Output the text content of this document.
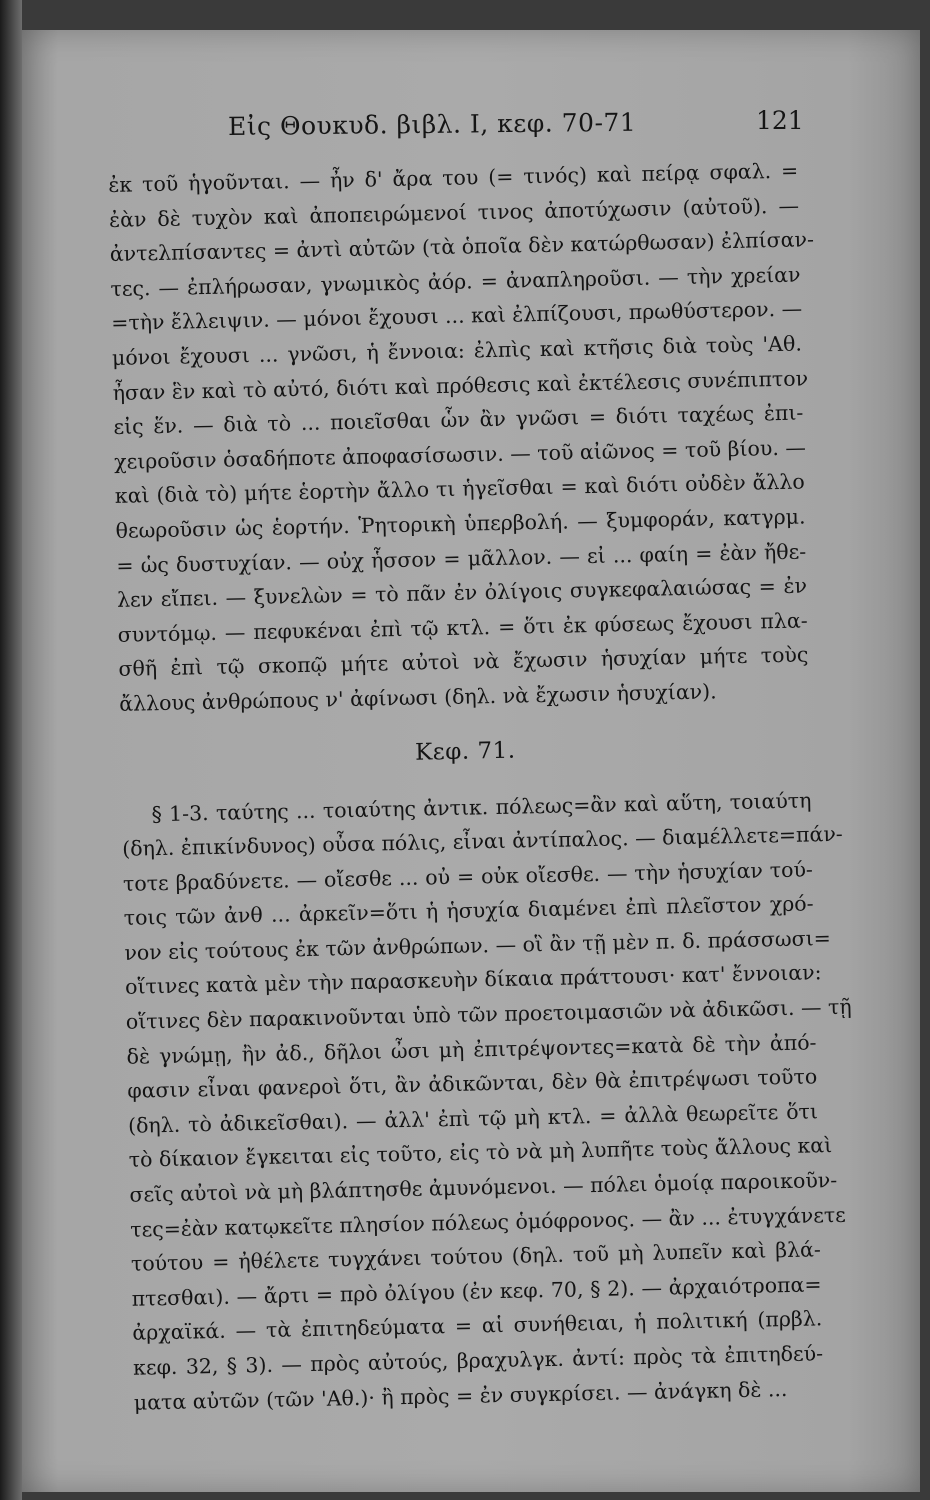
Εἰς Θουκυδ. βιβλ. I, κεφ. 70-71	121
ἐκ τοῦ ἡγοῦνται. — ἦν δ' ἄρα του (= τινός) καὶ πείρᾳ σφαλ. =
ἐὰν δὲ τυχὸν καὶ ἀποπειρώμενοί τινος ἀποτύχωσιν (αὐτοῦ). —
ἀντελπίσαντες = ἀντὶ αὐτῶν (τὰ ὁποῖα δὲν κατώρθωσαν) ἐλπίσαν-
τες. — ἐπλήρωσαν, γνωμικὸς ἀόρ. = ἀναπληροῦσι. — τὴν χρείαν
=τὴν ἔλλειψιν. — μόνοι ἔχουσι ... καὶ ἐλπίζουσι, πρωθύστερον. —
μόνοι ἔχουσι ... γνῶσι, ἡ ἔννοια: ἐλπὶς καὶ κτῆσις διὰ τοὺς 'Αθ.
ἦσαν ἓν καὶ τὸ αὐτό, διότι καὶ πρόθεσις καὶ ἐκτέλεσις συνέπιπτον
εἰς ἕν. — διὰ τὸ ... ποιεῖσθαι ὧν ἂν γνῶσι = διότι ταχέως ἐπι-
χειροῦσιν ὁσαδήποτε ἀποφασίσωσιν. — τοῦ αἰῶνος = τοῦ βίου. —
καὶ (διὰ τὸ) μήτε ἑορτὴν ἄλλο τι ἡγεῖσθαι = καὶ διότι οὐδὲν ἄλλο
θεωροῦσιν ὡς ἑορτήν. Ῥητορικὴ ὑπερβολή. — ξυμφοράν, κατγρμ.
= ὡς δυστυχίαν. — οὐχ ἧσσον = μᾶλλον. — εἰ ... φαίη = ἐὰν ἤθε-
λεν εἴπει. — ξυνελὼν = τὸ πᾶν ἐν ὀλίγοις συγκεφαλαιώσας = ἐν
συντόμῳ. — πεφυκέναι ἐπὶ τῷ κτλ. = ὅτι ἐκ φύσεως ἔχουσι πλα-
σθῆ ἐπὶ τῷ σκοπῷ μήτε αὐτοὶ νὰ ἔχωσιν ἡσυχίαν μήτε τοὺς
ἄλλους ἀνθρώπους ν' ἀφίνωσι (δηλ. νὰ ἔχωσιν ἡσυχίαν).
Κεφ. 71.
§ 1-3. ταύτης ... τοιαύτης ἀντικ. πόλεως=ἂν καὶ αὕτη, τοιαύτη
(δηλ. ἐπικίνδυνος) οὖσα πόλις, εἶναι ἀντίπαλος. — διαμέλλετε=πάν-
τοτε βραδύνετε. — οἴεσθε ... οὐ = οὐκ οἴεσθε. — τὴν ἡσυχίαν τού-
τοις τῶν ἀνθ ... ἀρκεῖν=ὅτι ἡ ἡσυχία διαμένει ἐπὶ πλεῖστον χρό-
νον εἰς τούτους ἐκ τῶν ἀνθρώπων. — οἳ ἂν τῇ μὲν π. δ. πράσσωσι=
οἵτινες κατὰ μὲν τὴν παρασκευὴν δίκαια πράττουσι· κατ' ἔννοιαν:
οἵτινες δὲν παρακινοῦνται ὑπὸ τῶν προετοιμασιῶν νὰ ἀδικῶσι. — τῇ
δὲ γνώμῃ, ἢν ἀδ., δῆλοι ὦσι μὴ ἐπιτρέψοντες=κατὰ δὲ τὴν ἀπό-
φασιν εἶναι φανεροὶ ὅτι, ἂν ἀδικῶνται, δὲν θὰ ἐπιτρέψωσι τοῦτο
(δηλ. τὸ ἀδικεῖσθαι). — ἀλλ' ἐπὶ τῷ μὴ κτλ. = ἀλλὰ θεωρεῖτε ὅτι
τὸ δίκαιον ἔγκειται εἰς τοῦτο, εἰς τὸ νὰ μὴ λυπῆτε τοὺς ἄλλους καὶ
σεῖς αὐτοὶ νὰ μὴ βλάπτησθε ἀμυνόμενοι. — πόλει ὁμοίᾳ παροικοῦν-
τες=ἐὰν κατῳκεῖτε πλησίον πόλεως ὁμόφρονος. — ἂν ... ἐτυγχάνετε
τούτου = ἠθέλετε τυγχάνει τούτου (δηλ. τοῦ μὴ λυπεῖν καὶ βλά-
πτεσθαι). — ἄρτι = πρὸ ὀλίγου (ἐν κεφ. 70, § 2). — ἀρχαιότροπα=
ἀρχαϊκά. — τὰ ἐπιτηδεύματα = αἱ συνήθειαι, ἡ πολιτική (πρβλ.
κεφ. 32, § 3). — πρὸς αὐτούς, βραχυλγκ. ἀντί: πρὸς τὰ ἐπιτηδεύ-
ματα αὐτῶν (τῶν 'Αθ.)· ἢ πρὸς = ἐν συγκρίσει. — ἀνάγκη δὲ ...
